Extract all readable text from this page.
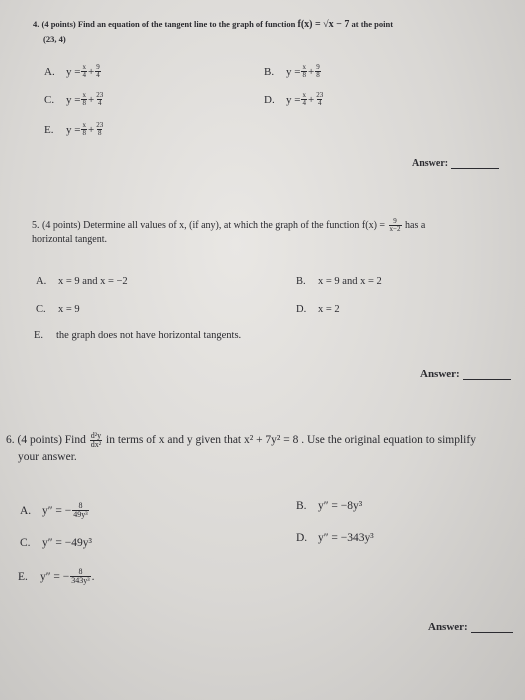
4. (4 points) Find an equation of the tangent line to the graph of function f(x) = √x − 7 at the point
(23, 4)
A.	$y = \frac{x}{4} + \frac{9}{4}$	B.	$y = \frac{x}{8} + \frac{9}{8}$
C.	$y = \frac{x}{8} + \frac{23}{4}$	D.	$y = \frac{x}{4} + \frac{23}{4}$
E.	$y = \frac{x}{8} + \frac{23}{8}$
Answer:
5. (4 points) Determine all values of x, (if any), at which the graph of the function $f(x) = \frac{9}{x-2}$ has a
horizontal tangent.
A.	x = 9 and x = −2	B.	x = 9 and x = 2
C.	x = 9	D.	x = 2
E.	the graph does not have horizontal tangents.
Answer:
6. (4 points) Find $\frac{\text{d²y}}{\text{dx²}}$ in terms of x and y given that x² + 7y² = 8 . Use the original equation to simplify
your answer.
A. y″ = − $\frac{8}{\text{49y³}}$	B. y″ = −8y³
C. y″ = −49y³	D. y″ = −343y³
E.	y″ = − $\frac{8}{\text{343y³}}$ .
Answer:
